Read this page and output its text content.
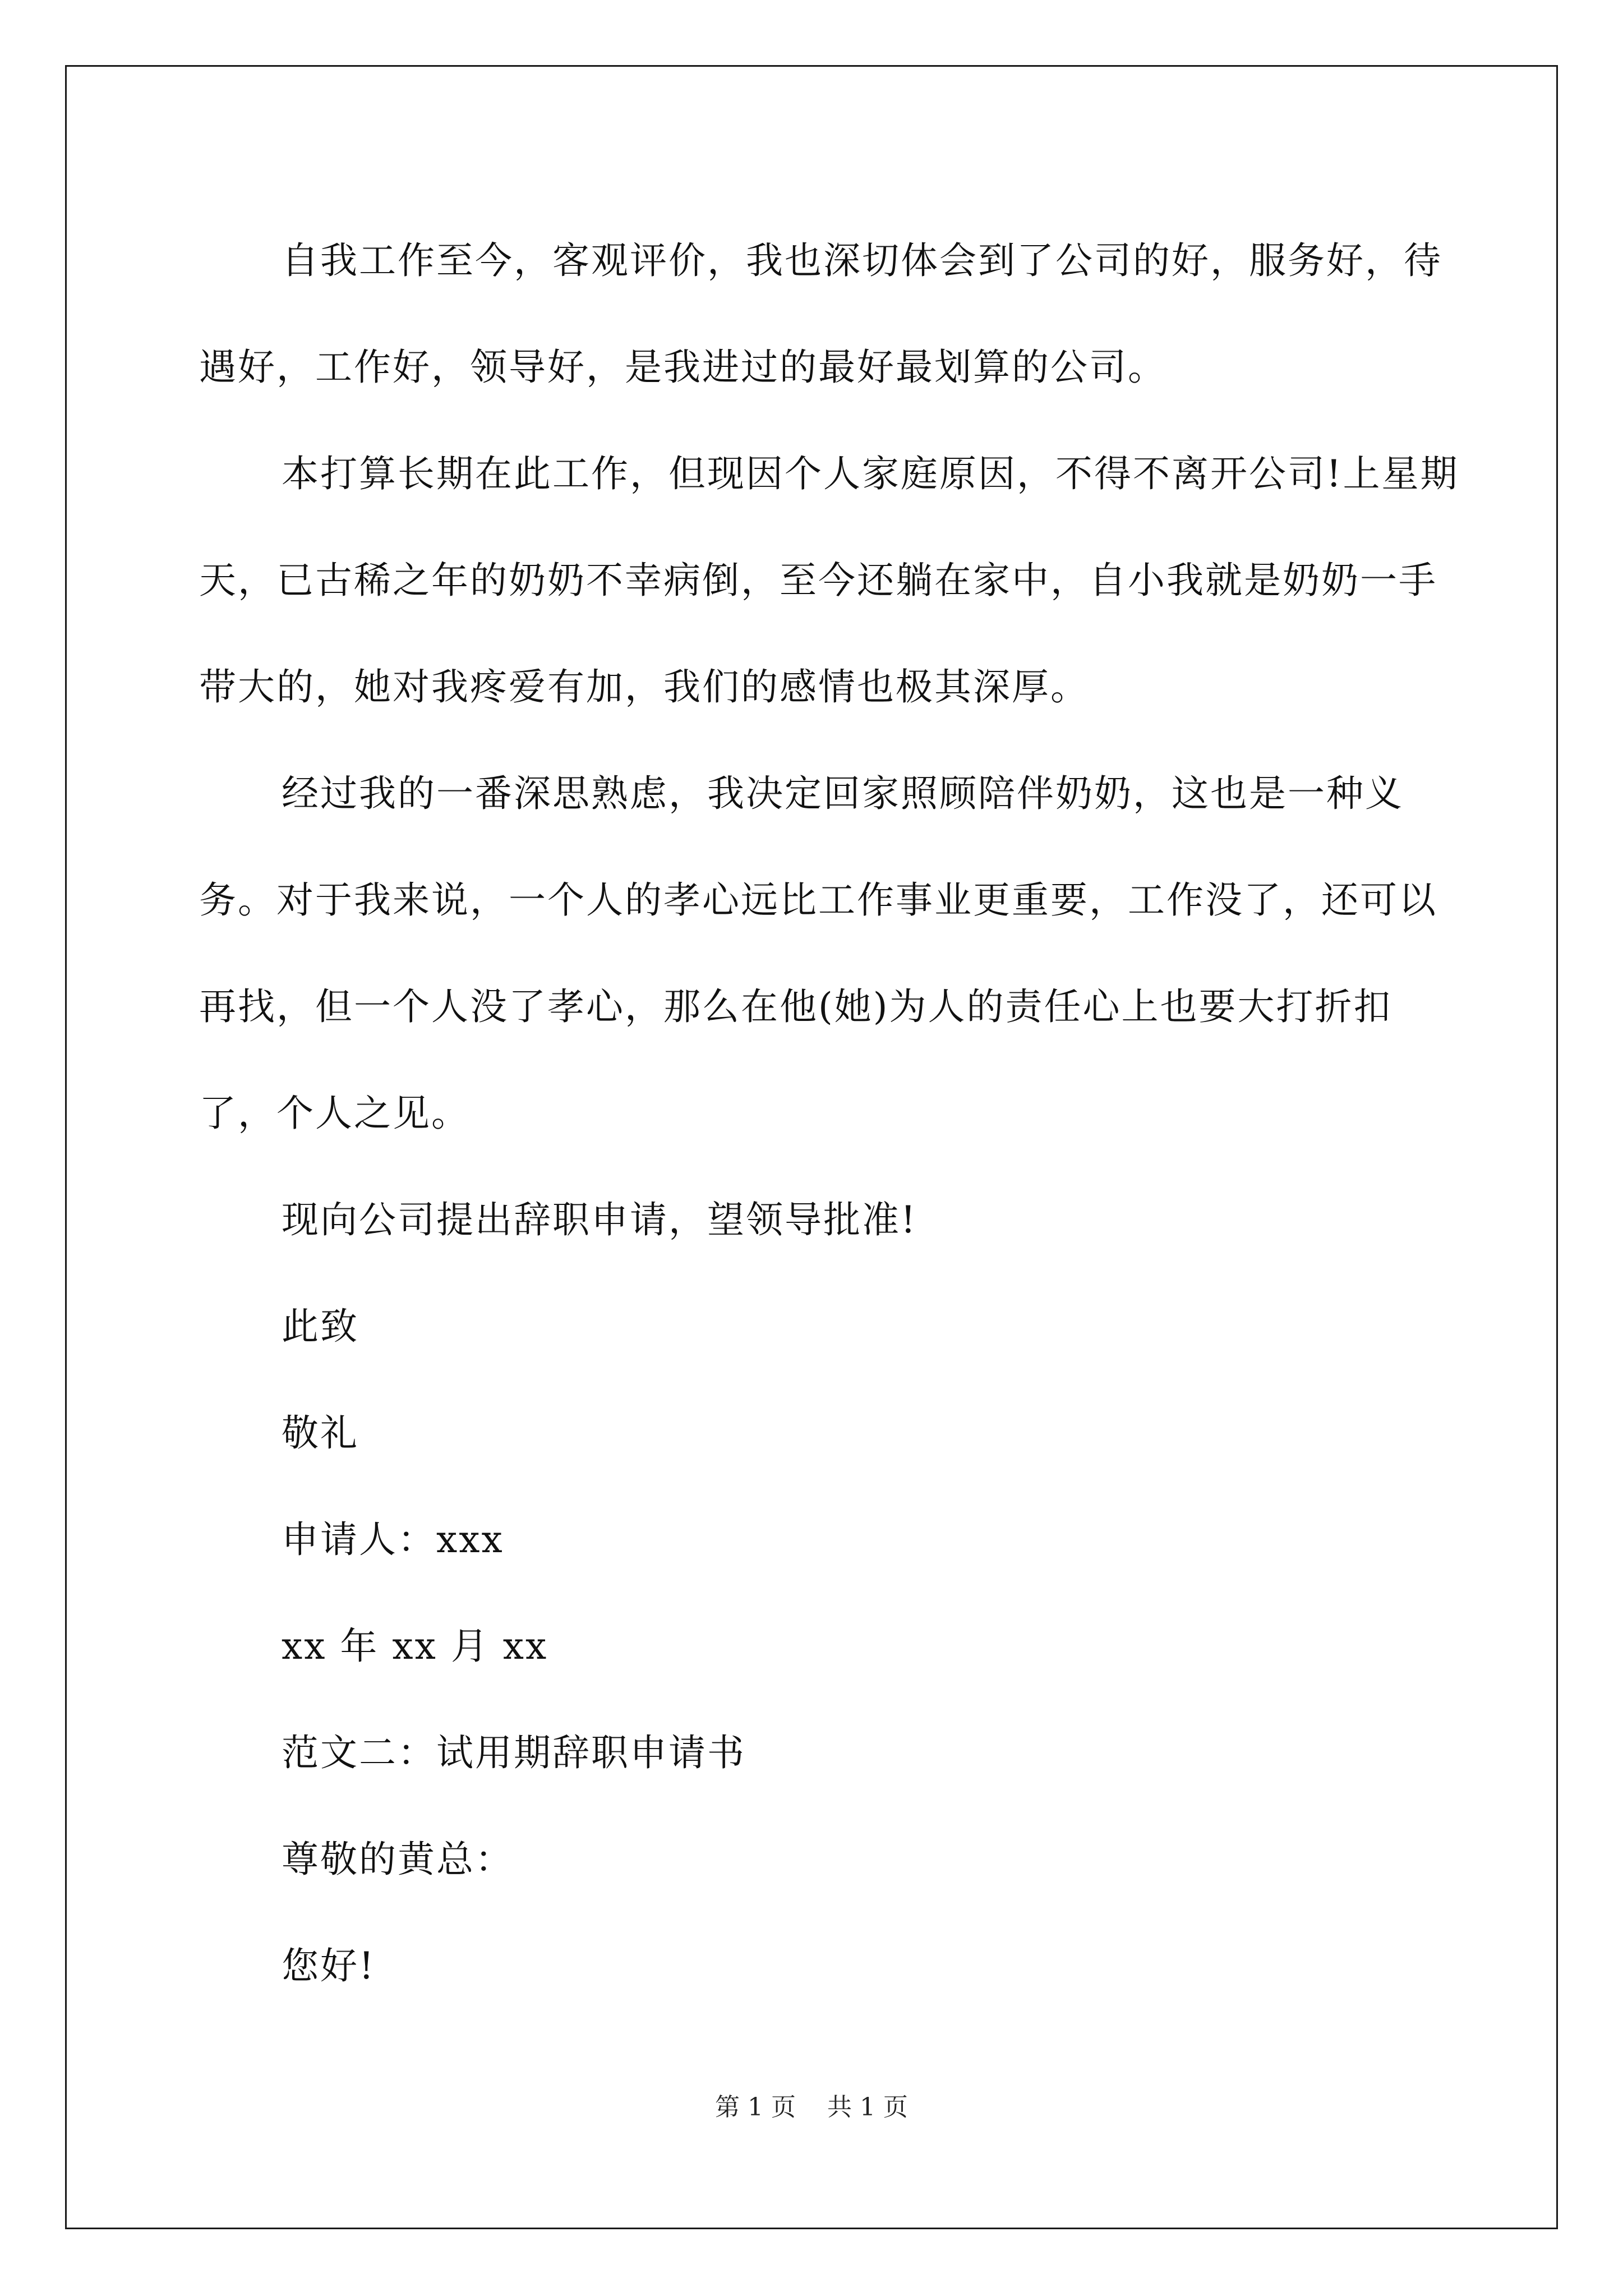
自我工作至今，客观评价，我也深切体会到了公司的好，服务好，待遇好，工作好，领导好，是我进过的最好最划算的公司。

本打算长期在此工作，但现因个人家庭原因，不得不离开公司!上星期天，已古稀之年的奶奶不幸病倒，至今还躺在家中，自小我就是奶奶一手带大的，她对我疼爱有加，我们的感情也极其深厚。

经过我的一番深思熟虑，我决定回家照顾陪伴奶奶，这也是一种义务。对于我来说，一个人的孝心远比工作事业更重要，工作没了，还可以再找，但一个人没了孝心，那么在他(她)为人的责任心上也要大打折扣了，个人之见。

现向公司提出辞职申请，望领导批准!

此致

敬礼

申请人：xxx

xx 年 xx 月 xx

范文二：试用期辞职申请书

尊敬的黄总：

您好!

第 1 页    共 1 页
